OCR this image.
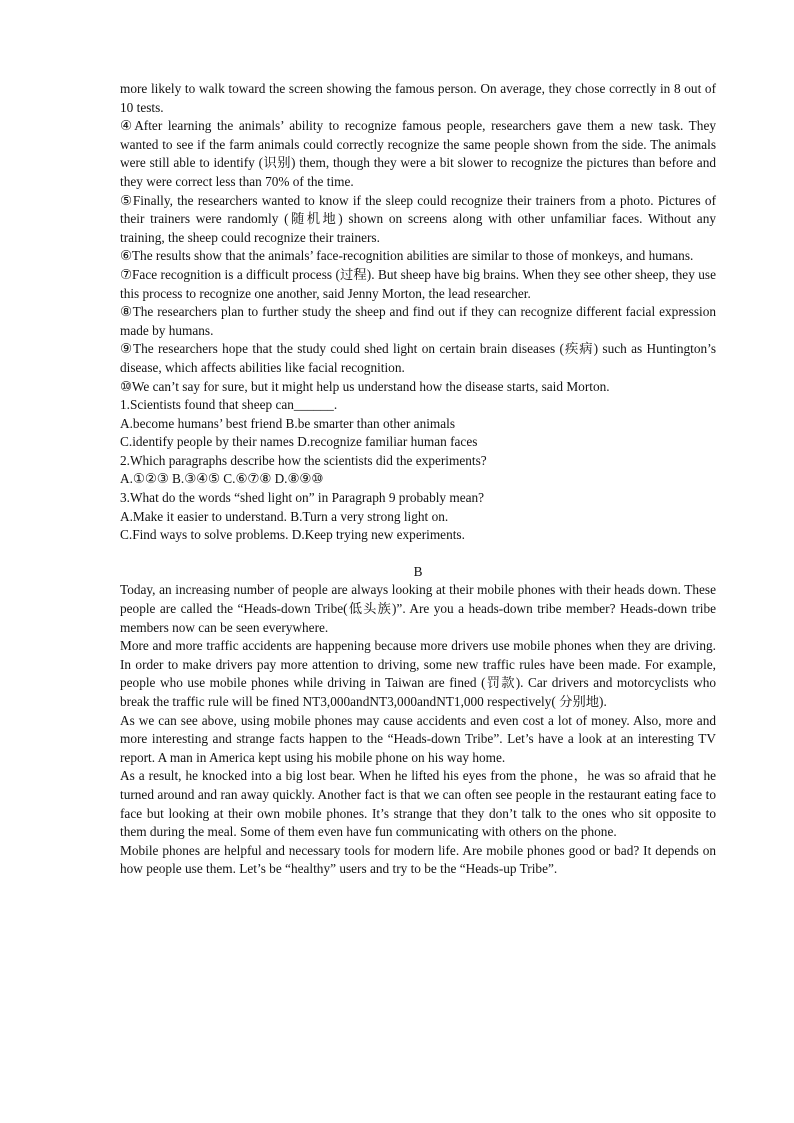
more likely to walk toward the screen showing the famous person. On average, they chose correctly in 8 out of 10 tests.

④After learning the animals’ ability to recognize famous people, researchers gave them a new task. They wanted to see if the farm animals could correctly recognize the same people shown from the side. The animals were still able to identify (识别) them, though they were a bit slower to recognize the pictures than before and they were correct less than 70% of the time.

⑤Finally, the researchers wanted to know if the sleep could recognize their trainers from a photo. Pictures of their trainers were randomly (随机地) shown on screens along with other unfamiliar faces. Without any training, the sheep could recognize their trainers.

⑥The results show that the animals’ face-recognition abilities are similar to those of monkeys, and humans.

⑦Face recognition is a difficult process (过程). But sheep have big brains. When they see other sheep, they use this process to recognize one another, said Jenny Morton, the lead researcher.

⑧The researchers plan to further study the sheep and find out if they can recognize different facial expression made by humans.

⑨The researchers hope that the study could shed light on certain brain diseases (疾病) such as Huntington’s disease, which affects abilities like facial recognition.

⑩We can’t say for sure, but it might help us understand how the disease starts, said Morton.

1.Scientists found that sheep can______.

A.become humans’ best friend B.be smarter than other animals

C.identify people by their names D.recognize familiar human faces

2.Which paragraphs describe how the scientists did the experiments?

A.①②③ B.③④⑤ C.⑥⑦⑧ D.⑧⑨⑩

3.What do the words “shed light on” in Paragraph 9 probably mean?

A.Make it easier to understand. B.Turn a very strong light on.

C.Find ways to solve problems. D.Keep trying new experiments.

B

Today, an increasing number of people are always looking at their mobile phones with their heads down. These people are called the “Heads-down Tribe(低头族)”. Are you a heads-down tribe member? Heads-down tribe members now can be seen everywhere.

More and more traffic accidents are happening because more drivers use mobile phones when they are driving. In order to make drivers pay more attention to driving, some new traffic rules have been made. For example, people who use mobile phones while driving in Taiwan are fined (罚款). Car drivers and motorcyclists who break the traffic rule will be fined NT3,000andNT3,000andNT1,000 respectively( 分别地).

As we can see above, using mobile phones may cause accidents and even cost a lot of money. Also, more and more interesting and strange facts happen to the “Heads-down Tribe”. Let’s have a look at an interesting TV report. A man in America kept using his mobile phone on his way home.

As a result, he knocked into a big lost bear. When he lifted his eyes from the phone，he was so afraid that he turned around and ran away quickly. Another fact is that we can often see people in the restaurant eating face to face but looking at their own mobile phones. It’s strange that they don’t talk to the ones who sit opposite to them during the meal. Some of them even have fun communicating with others on the phone.

Mobile phones are helpful and necessary tools for modern life. Are mobile phones good or bad? It depends on how people use them. Let’s be “healthy” users and try to be the “Heads-up Tribe”.
